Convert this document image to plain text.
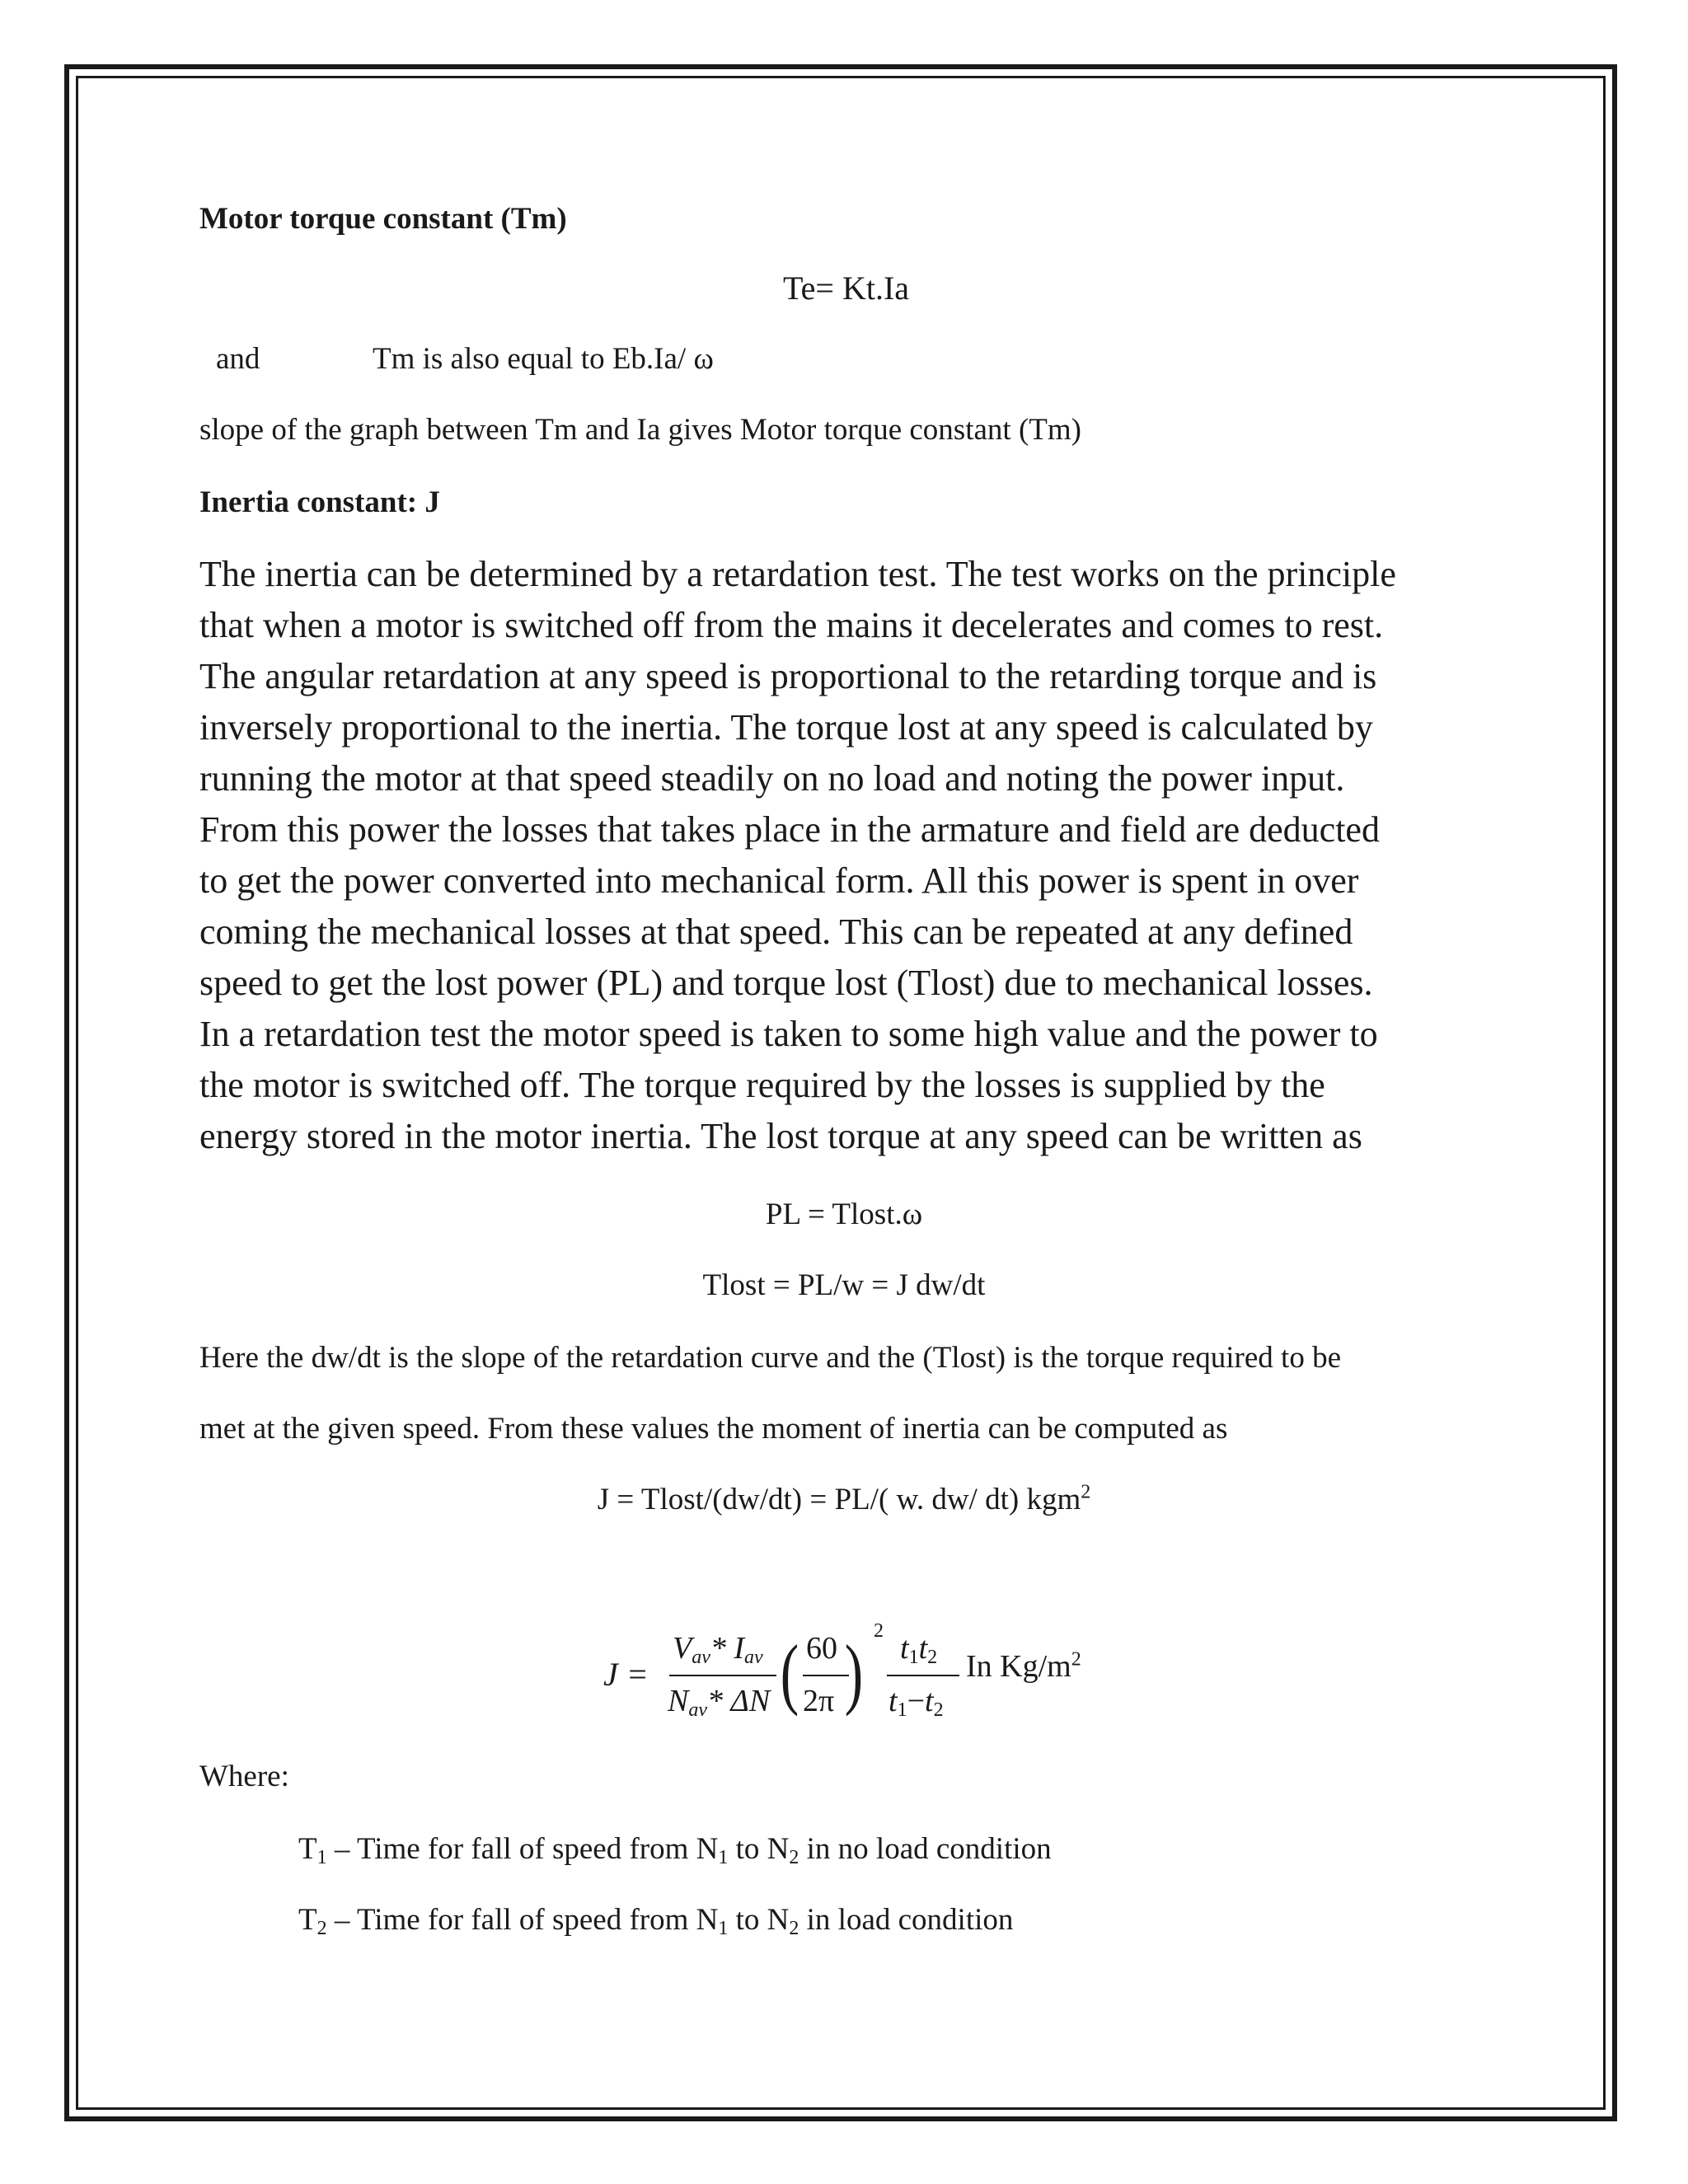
Motor torque constant (Tm)
Te= Kt.Ia
and	Tm is also equal to Eb.Ia/ ω
slope of the graph between Tm and Ia gives Motor torque constant (Tm)
Inertia constant: J
The inertia can be determined by a retardation test. The test works on the principle
that when a motor is switched off from the mains it decelerates and comes to rest.
The angular retardation at any speed is proportional to the retarding torque and is
inversely proportional to the inertia. The torque lost at any speed is calculated by
running the motor at that speed steadily on no load and noting the power input.
From this power the losses that takes place in the armature and field are deducted
to get the power converted into mechanical form. All this power is spent in over
coming the mechanical losses at that speed. This can be repeated at any defined
speed to get the lost power (PL) and torque lost (Tlost) due to mechanical losses.
In a retardation test the motor speed is taken to some high value and the power to
the motor is switched off. The torque required by the losses is supplied by the
energy stored in the motor inertia. The lost torque at any speed can be written as
PL = Tlost.ω
Tlost = PL/w = J dw/dt
Here the dw/dt is the slope of the retardation curve and the (Tlost) is the torque required to be
met at the given speed. From these values the moment of inertia can be computed as
J = Tlost/(dw/dt) = PL/( w. dw/ dt) kgm$^2$
J =
$V_{av}*$ $I_{av}$
$N_{av}*$ ΔN ( 60
2π ) 2 $t_1t_2$
$t_1-t_2$
In $Kg/m^2$
Where:
$T_1$ – Time for fall of speed from $N_1$ to $N_2$ in no load condition
$T_2$ – Time for fall of speed from $N_1$ to $N_2$ in load condition
